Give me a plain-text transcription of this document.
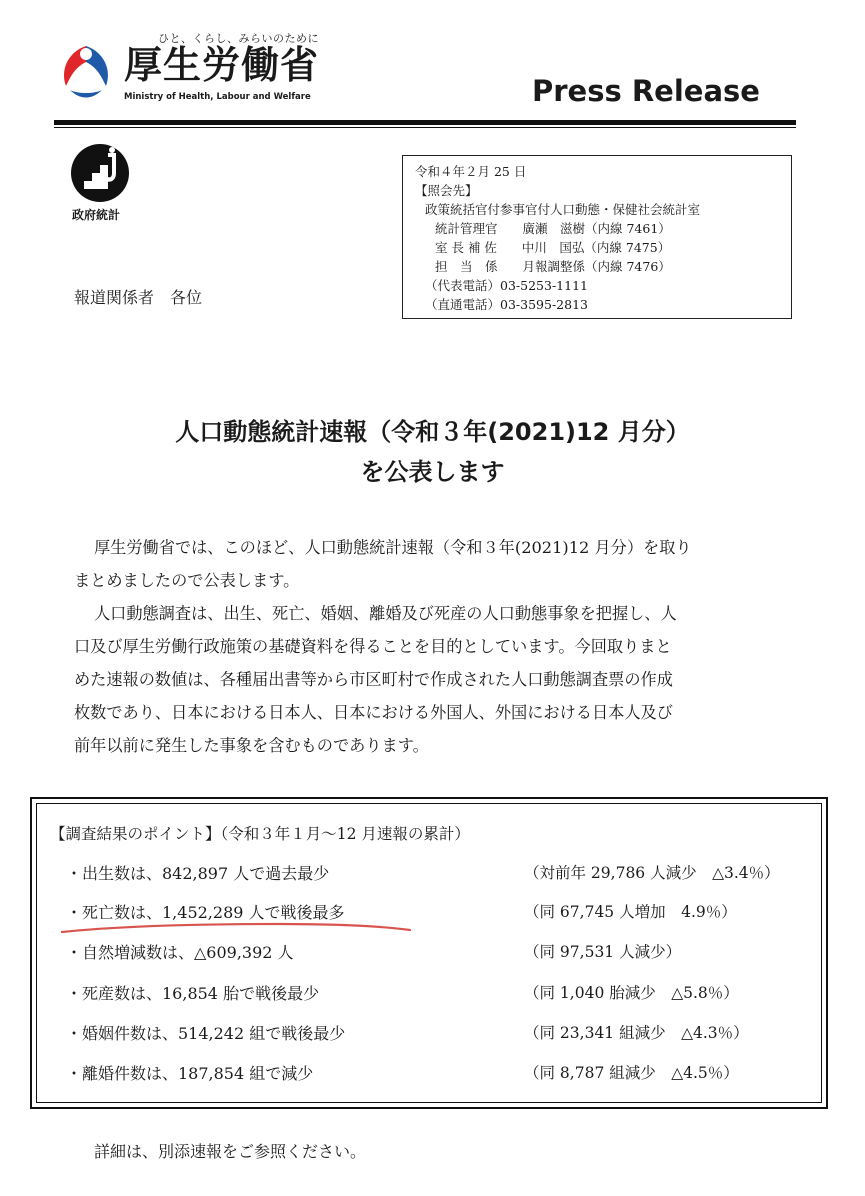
ひと、くらし、みらいのために
厚生労働省
Ministry of Health, Labour and Welfare	Press Release
政府統計
令和４年２月 25 日
【照会先】
政策統括官付参事官付人口動態・保健社会統計室
統計管理官　　廣瀬　滋樹（内線 7461）
室 長 補 佐　　中川　国弘（内線 7475）
担　当　係　　月報調整係（内線 7476）
（代表電話）03-5253-1111
（直通電話）03-3595-2813
報道関係者　各位
人口動態統計速報（令和３年(2021)12 月分）
を公表します
厚生労働省では、このほど、人口動態統計速報（令和３年(2021)12 月分）を取り
まとめましたので公表します。
人口動態調査は、出生、死亡、婚姻、離婚及び死産の人口動態事象を把握し、人
口及び厚生労働行政施策の基礎資料を得ることを目的としています。今回取りまと
めた速報の数値は、各種届出書等から市区町村で作成された人口動態調査票の作成
枚数であり、日本における日本人、日本における外国人、外国における日本人及び
前年以前に発生した事象を含むものであります。
【調査結果のポイント】（令和３年１月～12 月速報の累計）
・出生数は、842,897 人で過去最少	（対前年 29,786 人減少　△3.4％）
・死亡数は、1,452,289 人で戦後最多	（同 67,745 人増加　4.9％）
・自然増減数は、△609,392 人	（同 97,531 人減少）
・死産数は、16,854 胎で戦後最少	（同 1,040 胎減少　△5.8％）
・婚姻件数は、514,242 組で戦後最少	（同 23,341 組減少　△4.3％）
・離婚件数は、187,854 組で減少	（同 8,787 組減少　△4.5％）
詳細は、別添速報をご参照ください。
